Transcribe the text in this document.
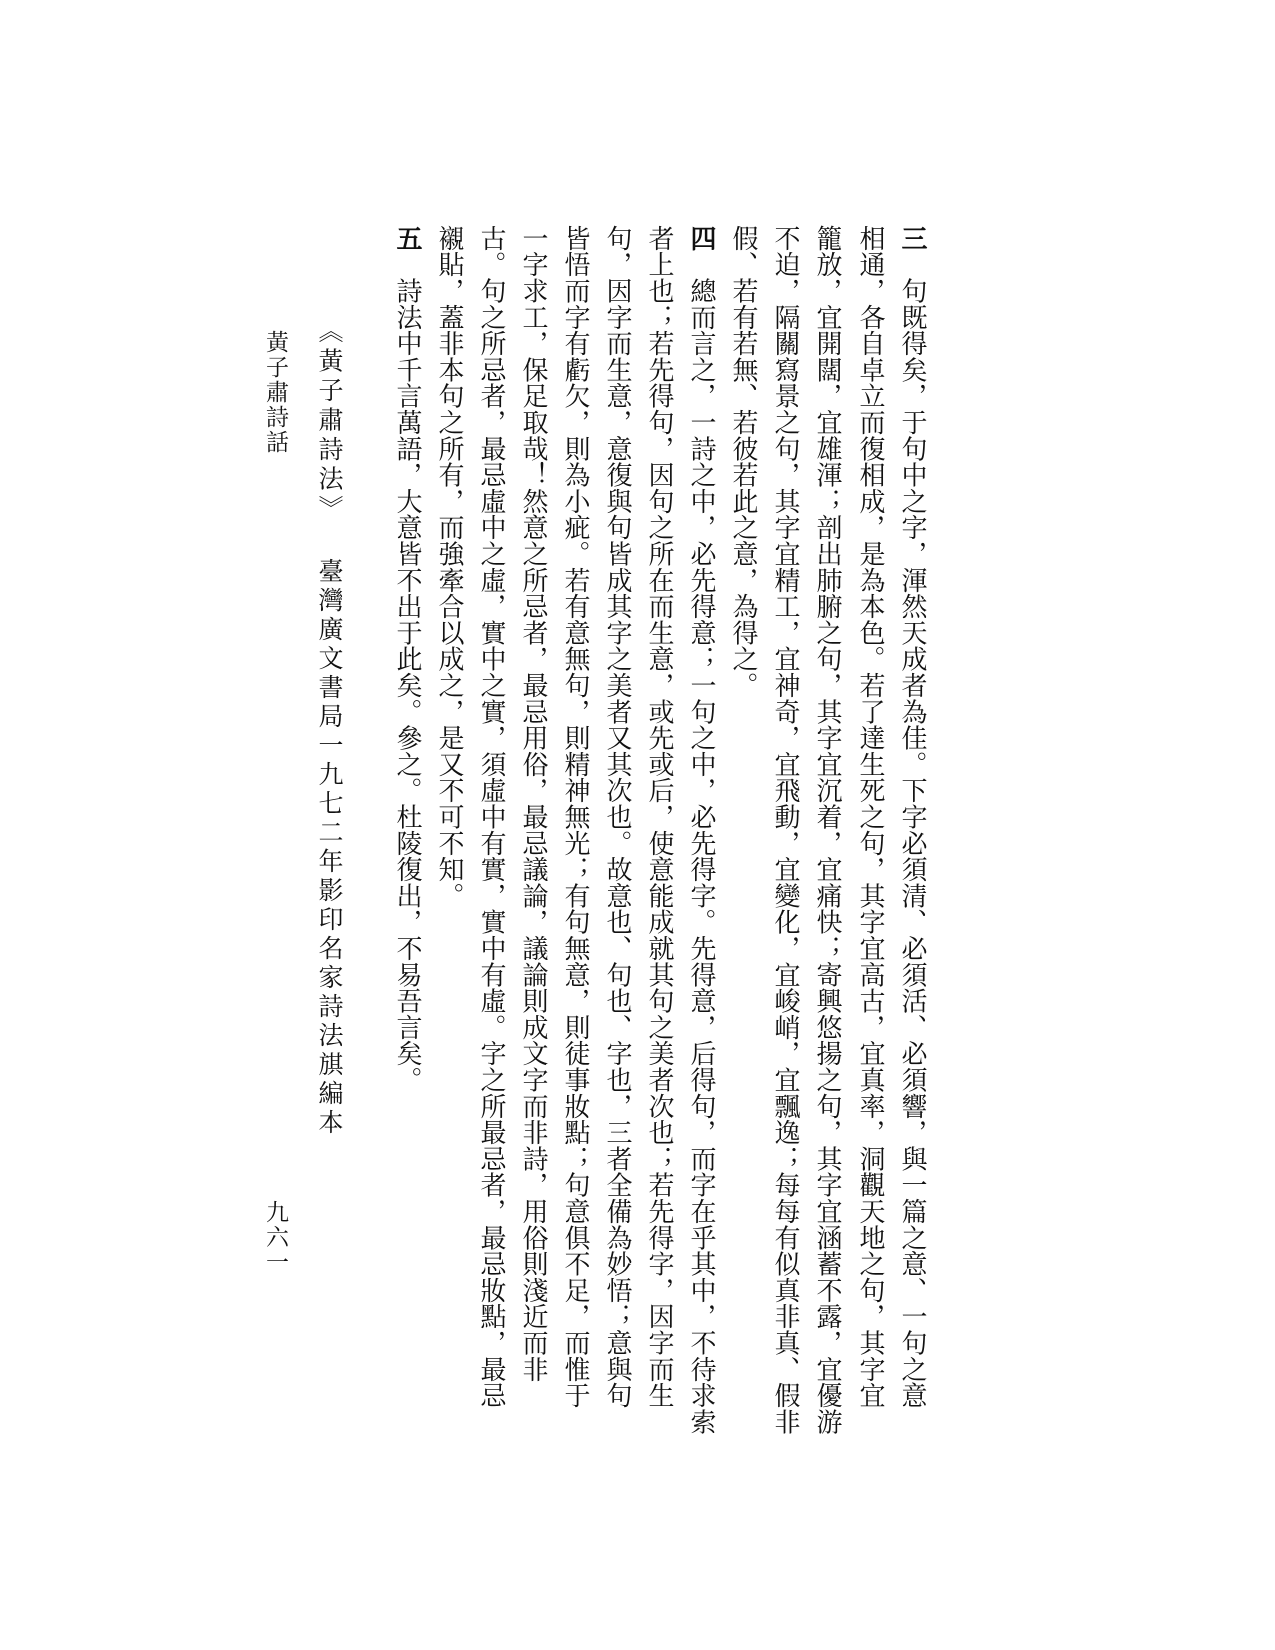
三　句既得矣，于句中之字，渾然天成者為佳。下字必須清、必須活、必須響，與一篇之意、一句之意
相通，各自卓立而復相成，是為本色。若了達生死之句，其字宜高古，宜真率，洞觀天地之句，其字宜
籠放，宜開闊，宜雄渾；剖出肺腑之句，其字宜沉着，宜痛快；寄興悠揚之句，其字宜涵蓄不露，宜優游
不迫，隔關寫景之句，其字宜精工，宜神奇，宜飛動，宜變化，宜峻峭，宜飄逸；每每有似真非真、假非
假、若有若無、若彼若此之意，為得之。
四　總而言之，一詩之中，必先得意；一句之中，必先得字。先得意，后得句，而字在乎其中，不待求索
者上也；若先得句，因句之所在而生意，或先或后，使意能成就其句之美者次也；若先得字，因字而生
句，因字而生意，意復與句皆成其字之美者又其次也。故意也、句也、字也，三者全備為妙悟；意與句
皆悟而字有虧欠，則為小疵。若有意無句，則精神無光；有句無意，則徒事妝點；句意俱不足，而惟于
一字求工，保足取哉！然意之所忌者，最忌用俗，最忌議論，議論則成文字而非詩，用俗則淺近而非
古。句之所忌者，最忌虛中之虛，實中之實，須虛中有實，實中有虛。字之所最忌者，最忌妝點，最忌
襯貼，蓋非本句之所有，而強牽合以成之，是又不可不知。
五　詩法中千言萬語，大意皆不出于此矣。參之。杜陵復出，不易吾言矣。
《黃子肅詩法》
臺灣廣文書局一九七二年影印名家詩法𣄃編本
黃子肅詩話
九六一
